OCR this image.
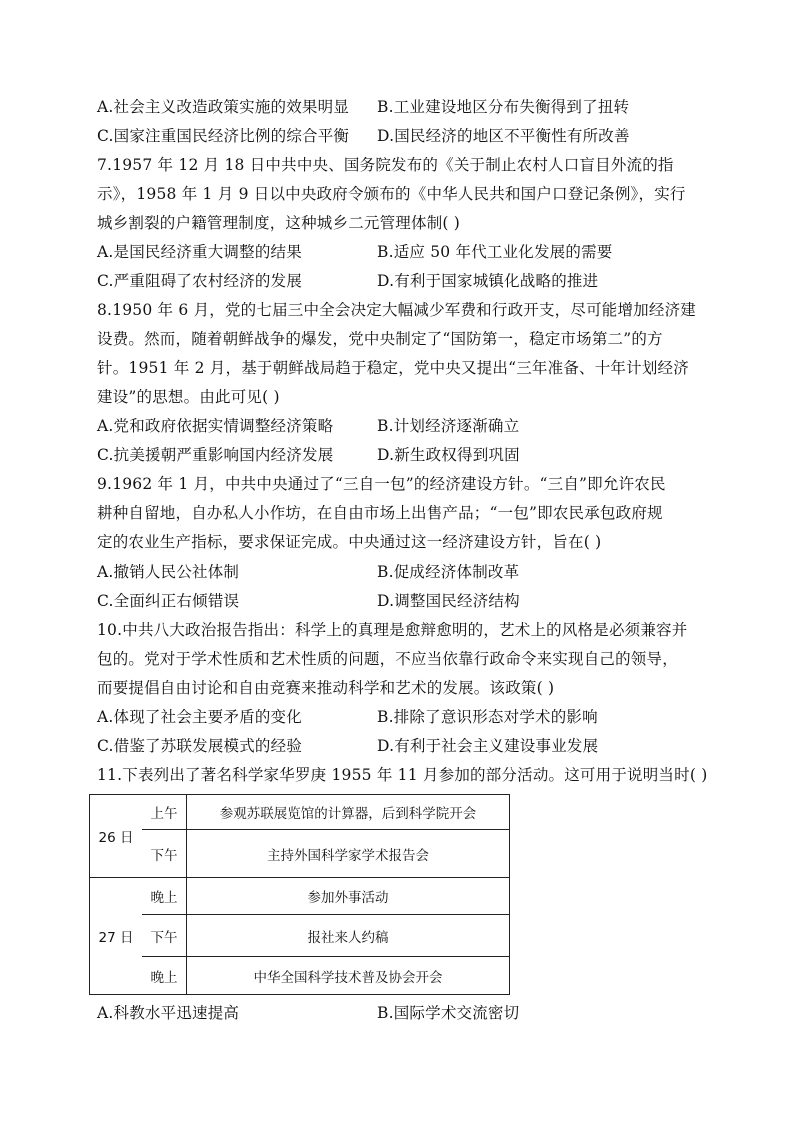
A.社会主义改造政策实施的效果明显 B.工业建设地区分布失衡得到了扭转
C.国家注重国民经济比例的综合平衡 D.国民经济的地区不平衡性有所改善
7.1957 年 12 月 18 日中共中央、国务院发布的《关于制止农村人口盲目外流的指
示》，1958 年 1 月 9 日以中央政府令颁布的《中华人民共和国户口登记条例》，实行
城乡割裂的户籍管理制度，这种城乡二元管理体制( )
A.是国民经济重大调整的结果	B.适应 50 年代工业化发展的需要
C.严重阻碍了农村经济的发展	D.有利于国家城镇化战略的推进
8.1950 年 6 月，党的七届三中全会决定大幅减少军费和行政开支，尽可能增加经济建
设费。然而，随着朝鲜战争的爆发，党中央制定了“国防第一，稳定市场第二”的方
针。1951 年 2 月，基于朝鲜战局趋于稳定，党中央又提出“三年准备、十年计划经济
建设”的思想。由此可见( )
A.党和政府依据实情调整经济策略	B.计划经济逐渐确立
C.抗美援朝严重影响国内经济发展	D.新生政权得到巩固
9.1962 年 1 月，中共中央通过了“三自一包”的经济建设方针。“三自”即允许农民
耕种自留地，自办私人小作坊，在自由市场上出售产品；“一包”即农民承包政府规
定的农业生产指标，要求保证完成。中央通过这一经济建设方针，旨在( )
A.撤销人民公社体制	B.促成经济体制改革
C.全面纠正右倾错误	D.调整国民经济结构
10.中共八大政治报告指出：科学上的真理是愈辩愈明的，艺术上的风格是必须兼容并
包的。党对于学术性质和艺术性质的问题，不应当依靠行政命令来实现自己的领导，
而要提倡自由讨论和自由竞赛来推动科学和艺术的发展。该政策( )
A.体现了社会主要矛盾的变化	B.排除了意识形态对学术的影响
C.借鉴了苏联发展模式的经验	D.有利于社会主义建设事业发展
11.下表列出了著名科学家华罗庚 1955 年 11 月参加的部分活动。这可用于说明当时( )
26 日	上午	参观苏联展览馆的计算器，后到科学院开会
	下午	主持外国科学家学术报告会
27 日	晚上	参加外事活动
	下午	报社来人约稿
	晚上	中华全国科学技术普及协会开会
A.科教水平迅速提高	B.国际学术交流密切
